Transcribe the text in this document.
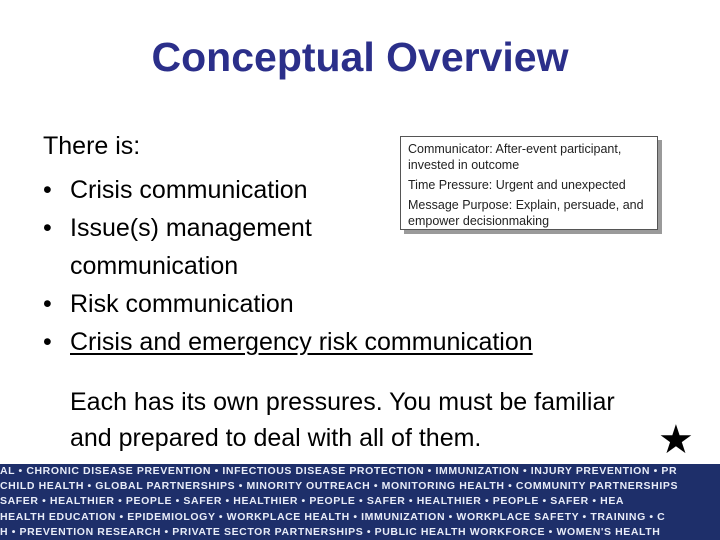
Conceptual Overview
There is:
• Crisis communication
• Issue(s) management communication
• Risk communication
• Crisis and emergency risk communication

Communicator: After-event participant, invested in outcome

Time Pressure: Urgent and unexpected

Message Purpose: Explain, persuade, and empower decisionmaking

Each has its own pressures. You must be familiar and prepared to deal with all of them.	★
AL • CHRONIC DISEASE PREVENTION • INFECTIOUS DISEASE PROTECTION • IMMUNIZATION • INJURY PREVENTION • PR
CHILD HEALTH • GLOBAL PARTNERSHIPS • MINORITY OUTREACH • MONITORING HEALTH • COMMUNITY PARTNERSHIPS
SAFER • HEALTHIER • PEOPLE • SAFER • HEALTHIER • PEOPLE • SAFER • HEALTHIER • PEOPLE • SAFER • HEA
HEALTH EDUCATION • EPIDEMIOLOGY • WORKPLACE HEALTH • IMMUNIZATION • WORKPLACE SAFETY • TRAINING • C
H • PREVENTION RESEARCH • PRIVATE SECTOR PARTNERSHIPS • PUBLIC HEALTH WORKFORCE • WOMEN'S HEALTH
